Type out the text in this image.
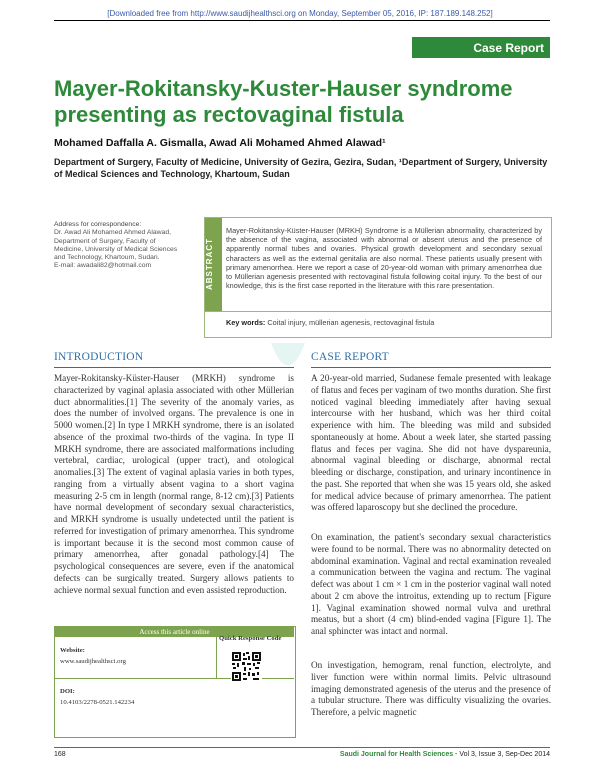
[Downloaded free from http://www.saudijhealthsci.org on Monday, September 05, 2016, IP: 187.189.148.252]
Case Report
Mayer-Rokitansky-Kuster-Hauser syndrome presenting as rectovaginal fistula
Mohamed Daffalla A. Gismalla, Awad Ali Mohamed Ahmed Alawad¹
Department of Surgery, Faculty of Medicine, University of Gezira, Gezira, Sudan, ¹Department of Surgery, University of Medical Sciences and Technology, Khartoum, Sudan
Address for correspondence:
Dr. Awad Ali Mohamed Ahmed Alawad,
Department of Surgery, Faculty of
Medicine, University of Medical Sciences
and Technology, Khartoum, Sudan.
E-mail: awadali82@hotmail.com	ABSTRACT
Mayer-Rokitansky-Küster-Hauser (MRKH) Syndrome is a Müllerian abnormality, characterized by the absence of the vagina, associated with abnormal or absent uterus and the presence of apparently normal tubes and ovaries. Physical growth development and secondary sexual characters as well as the external genitalia are also normal. These patients usually present with primary amenorrhea. Here we report a case of 20-year-old woman with primary amenorrhea due to Müllerian agenesis presented with rectovaginal fistula following coital injury. To the best of our knowledge, this is the first case reported in the literature with this rare presentation.
Key words: Coital injury, müllerian agenesis, rectovaginal fistula
INTRODUCTION
Mayer-Rokitansky-Küster-Hauser (MRKH) syndrome is characterized by vaginal aplasia associated with other Müllerian duct abnormalities.[1] The severity of the anomaly varies, as does the number of involved organs. The prevalence is one in 5000 women.[2] In type I MRKH syndrome, there is an isolated absence of the proximal two-thirds of the vagina. In type II MRKH syndrome, there are associated malformations including vertebral, cardiac, urological (upper tract), and otological anomalies.[3] The extent of vaginal aplasia varies in both types, ranging from a virtually absent vagina to a short vagina measuring 2-5 cm in length (normal range, 8-12 cm).[3] Patients have normal development of secondary sexual characteristics, and MRKH syndrome is usually undetected until the patient is referred for investigation of primary amenorrhea. This syndrome is important because it is the second most common cause of primary amenorrhea, after gonadal pathology.[4] The psychological consequences are severe, even if the anatomical defects can be surgically treated. Surgery allows patients to achieve normal sexual function and even assisted reproduction.
CASE REPORT
A 20-year-old married, Sudanese female presented with leakage of flatus and feces per vaginam of two months duration. She first noticed vaginal bleeding immediately after having sexual intercourse with her husband, which was her third coital experience with him. The bleeding was mild and subsided spontaneously at home. About a week later, she started passing flatus and feces per vagina. She did not have dyspareunia, abnormal vaginal bleeding or discharge, abnormal rectal bleeding or discharge, constipation, and urinary incontinence in the past. She reported that when she was 15 years old, she asked for medical advice because of primary amenorrhea. The patient was offered laparoscopy but she declined the procedure.
On examination, the patient's secondary sexual characteristics were found to be normal. There was no abnormality detected on abdominal examination. Vaginal and rectal examination revealed a communication between the vagina and rectum. The vaginal defect was about 1 cm × 1 cm in the posterior vaginal wall noted about 2 cm above the introitus, extending up to rectum [Figure 1]. Vaginal examination showed normal vulva and urethral meatus, but a short (4 cm) blind-ended vagina [Figure 1]. The anal sphincter was intact and normal.
On investigation, hemogram, renal function, electrolyte, and liver function were within normal limits. Pelvic ultrasound imaging demonstrated agenesis of the uterus and the presence of a tubular structure. There was difficulty visualizing the ovaries. Therefore, a pelvic magnetic
Access this article online
Website:
www.saudijhealthsci.org
DOI:
10.4103/2278-0521.142234
Quick Response Code
168	Saudi Journal for Health Sciences - Vol 3, Issue 3, Sep-Dec 2014
